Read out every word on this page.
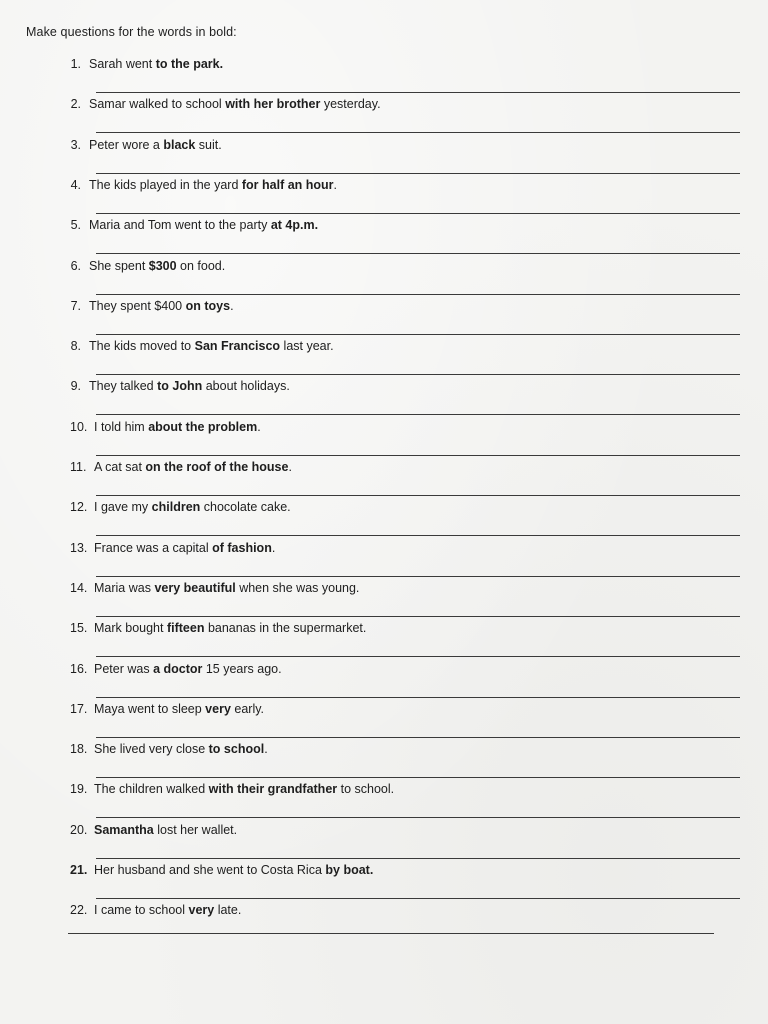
Make questions for the words in bold:
1. Sarah went to the park.
2. Samar walked to school with her brother yesterday.
3. Peter wore a black suit.
4. The kids played in the yard for half an hour.
5. Maria and Tom went to the party at 4p.m.
6. She spent $300 on food.
7. They spent $400 on toys.
8. The kids moved to San Francisco last year.
9. They talked to John about holidays.
10. I told him about the problem.
11. A cat sat on the roof of the house.
12. I gave my children chocolate cake.
13. France was a capital of fashion.
14. Maria was very beautiful when she was young.
15. Mark bought fifteen bananas in the supermarket.
16. Peter was a doctor 15 years ago.
17. Maya went to sleep very early.
18. She lived very close to school.
19. The children walked with their grandfather to school.
20. Samantha lost her wallet.
21. Her husband and she went to Costa Rica by boat.
22. I came to school very late.
